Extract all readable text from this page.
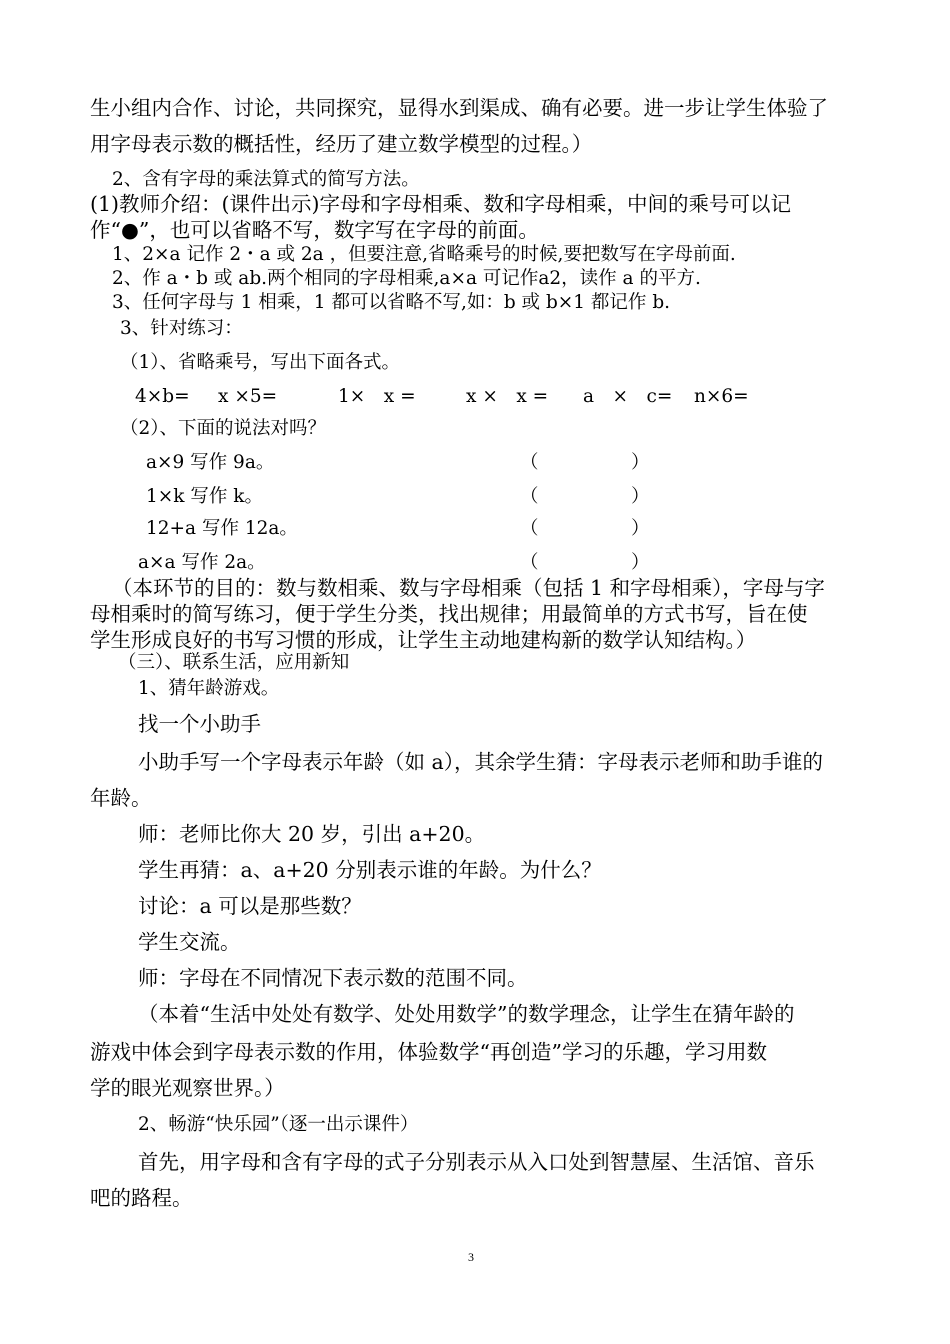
生小组内合作、讨论，共同探究，显得水到渠成、确有必要。进一步让学生体验了
用字母表示数的概括性，经历了建立数学模型的过程。）
2、含有字母的乘法算式的简写方法。
(1)教师介绍：(课件出示)字母和字母相乘、数和字母相乘，中间的乘号可以记
作“●”，也可以省略不写，数字写在字母的前面。
1、2×a 记作 2・a 或 2a ，但要注意,省略乘号的时候,要把数写在字母前面.
2、作 a・b 或 ab.两个相同的字母相乘,a×a 可记作a2，读作 a 的平方.
3、任何字母与 1 相乘，1 都可以省略不写,如：b 或 b×1 都记作 b.
3、针对练习：
（1）、省略乘号，写出下面各式。
4×b= x ×5=	1×　x =	x ×　x = a　×　c= n×6=
（2）、下面的说法对吗？
a×9 写作 9a。	（　　　　　）
1×k 写作 k。	（　　　　　）
12+a 写作 12a。	（　　　　　）
a×a 写作 2a。	（　　　　　）
（本环节的目的：数与数相乘、数与字母相乘（包括 1 和字母相乘），字母与字
母相乘时的简写练习，便于学生分类，找出规律；用最简单的方式书写，旨在使
学生形成良好的书写习惯的形成，让学生主动地建构新的数学认知结构。）
（三）、联系生活，应用新知
1、猜年龄游戏。
找一个小助手
小助手写一个字母表示年龄（如 a），其余学生猜：字母表示老师和助手谁的
年龄。
师：老师比你大 20 岁，引出 a+20。
学生再猜：a、a+20 分别表示谁的年龄。为什么？
讨论：a 可以是那些数？
学生交流。
师：字母在不同情况下表示数的范围不同。
（本着“生活中处处有数学、处处用数学”的数学理念，让学生在猜年龄的
游戏中体会到字母表示数的作用，体验数学“再创造”学习的乐趣，学习用数
学的眼光观察世界。）
2、畅游“快乐园”（逐一出示课件）
首先，用字母和含有字母的式子分别表示从入口处到智慧屋、生活馆、音乐
吧的路程。
3
